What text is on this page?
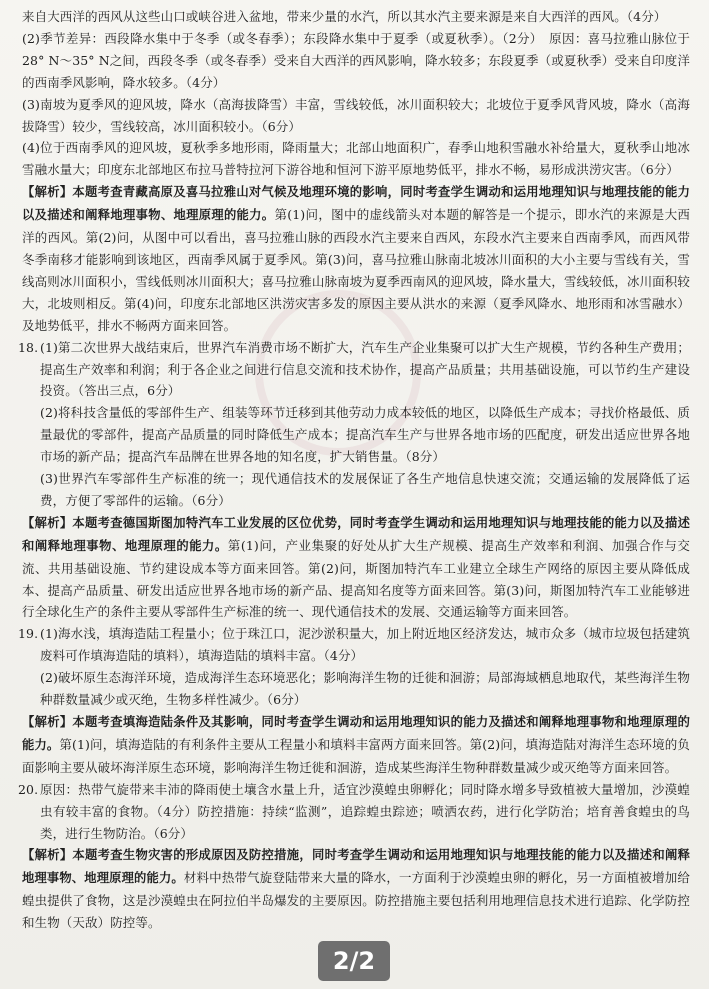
来自大西洋的西风从这些山口或峡谷进入盆地，带来少量的水汽，所以其水汽主要来源是来自大西洋的西风。（4分）

(2)季节差异：西段降水集中于冬季（或冬春季）；东段降水集中于夏季（或夏秋季）。（2分）　原因：喜马拉雅山脉位于28° N～35° N之间，西段冬季（或冬春季）受来自大西洋的西风影响，降水较多；东段夏季（或夏秋季）受来自印度洋的西南季风影响，降水较多。（4分）

(3)南坡为夏季风的迎风坡，降水（高海拔降雪）丰富，雪线较低，冰川面积较大；北坡位于夏季风背风坡，降水（高海拔降雪）较少，雪线较高，冰川面积较小。（6分）

(4)位于西南季风的迎风坡，夏秋季多地形雨，降雨量大；北部山地面积广，春季山地积雪融水补给量大，夏秋季山地冰雪融水量大；印度东北部地区布拉马普特拉河下游谷地和恒河下游平原地势低平，排水不畅，易形成洪涝灾害。（6分）

【解析】本题考查青藏高原及喜马拉雅山对气候及地理环境的影响，同时考查学生调动和运用地理知识与地理技能的能力以及描述和阐释地理事物、地理原理的能力。第(1)问，图中的虚线箭头对本题的解答是一个提示，即水汽的来源是大西洋的西风。第(2)问，从图中可以看出，喜马拉雅山脉的西段水汽主要来自西风，东段水汽主要来自西南季风，而西风带冬季南移才能影响到该地区，西南季风属于夏季风。第(3)问，喜马拉雅山脉南北坡冰川面积的大小主要与雪线有关，雪线高则冰川面积小，雪线低则冰川面积大；喜马拉雅山脉南坡为夏季西南风的迎风坡，降水量大，雪线较低，冰川面积较大，北坡则相反。第(4)问，印度东北部地区洪涝灾害多发的原因主要从洪水的来源（夏季风降水、地形雨和冰雪融水）及地势低平，排水不畅两方面来回答。

18. (1)第二次世界大战结束后，世界汽车消费市场不断扩大，汽车生产企业集聚可以扩大生产规模，节约各种生产费用；提高生产效率和利润；利于各企业之间进行信息交流和技术协作，提高产品质量；共用基础设施，可以节约生产建设投资。（答出三点，6分）

(2)将科技含量低的零部件生产、组装等环节迁移到其他劳动力成本较低的地区，以降低生产成本；寻找价格最低、质量最优的零部件，提高产品质量的同时降低生产成本；提高汽车生产与世界各地市场的匹配度，研发出适应世界各地市场的新产品；提高汽车品牌在世界各地的知名度，扩大销售量。（8分）

(3)世界汽车零部件生产标准的统一；现代通信技术的发展保证了各生产地信息快速交流；交通运输的发展降低了运费，方便了零部件的运输。（6分）

【解析】本题考查德国斯图加特汽车工业发展的区位优势，同时考查学生调动和运用地理知识与地理技能的能力以及描述和阐释地理事物、地理原理的能力。第(1)问，产业集聚的好处从扩大生产规模、提高生产效率和利润、加强合作与交流、共用基础设施、节约建设成本等方面来回答。第(2)问，斯图加特汽车工业建立全球生产网络的原因主要从降低成本、提高产品质量、研发出适应世界各地市场的新产品、提高知名度等方面来回答。第(3)问，斯图加特汽车工业能够进行全球化生产的条件主要从零部件生产标准的统一、现代通信技术的发展、交通运输等方面来回答。

19. (1)海水浅，填海造陆工程量小；位于珠江口，泥沙淤积量大，加上附近地区经济发达，城市众多（城市垃圾包括建筑废料可作填海造陆的填料），填海造陆的填料丰富。（4分）

(2)破坏原生态海洋环境，造成海洋生态环境恶化；影响海洋生物的迁徙和洄游；局部海域栖息地取代，某些海洋生物种群数量减少或灭绝，生物多样性减少。（6分）

【解析】本题考查填海造陆条件及其影响，同时考查学生调动和运用地理知识的能力及描述和阐释地理事物和地理原理的能力。第(1)问，填海造陆的有利条件主要从工程量小和填料丰富两方面来回答。第(2)问，填海造陆对海洋生态环境的负面影响主要从破坏海洋原生态环境，影响海洋生物迁徙和洄游，造成某些海洋生物种群数量减少或灭绝等方面来回答。

20. 原因：热带气旋带来丰沛的降雨使土壤含水量上升，适宜沙漠蝗虫卵孵化；同时降水增多导致植被大量增加，沙漠蝗虫有较丰富的食物。（4分）防控措施：持续“监测”，追踪蝗虫踪迹；喷洒农药，进行化学防治；培育善食蝗虫的鸟类，进行生物防治。（6分）

【解析】本题考查生物灾害的形成原因及防控措施，同时考查学生调动和运用地理知识与地理技能的能力以及描述和阐释地理事物、地理原理的能力。材料中热带气旋登陆带来大量的降水，一方面利于沙漠蝗虫卵的孵化，另一方面植被增加给蝗虫提供了食物，这是沙漠蝗虫在阿拉伯半岛爆发的主要原因。防控措施主要包括利用地理信息技术进行追踪、化学防控和生物（天敌）防控等。

2/2
